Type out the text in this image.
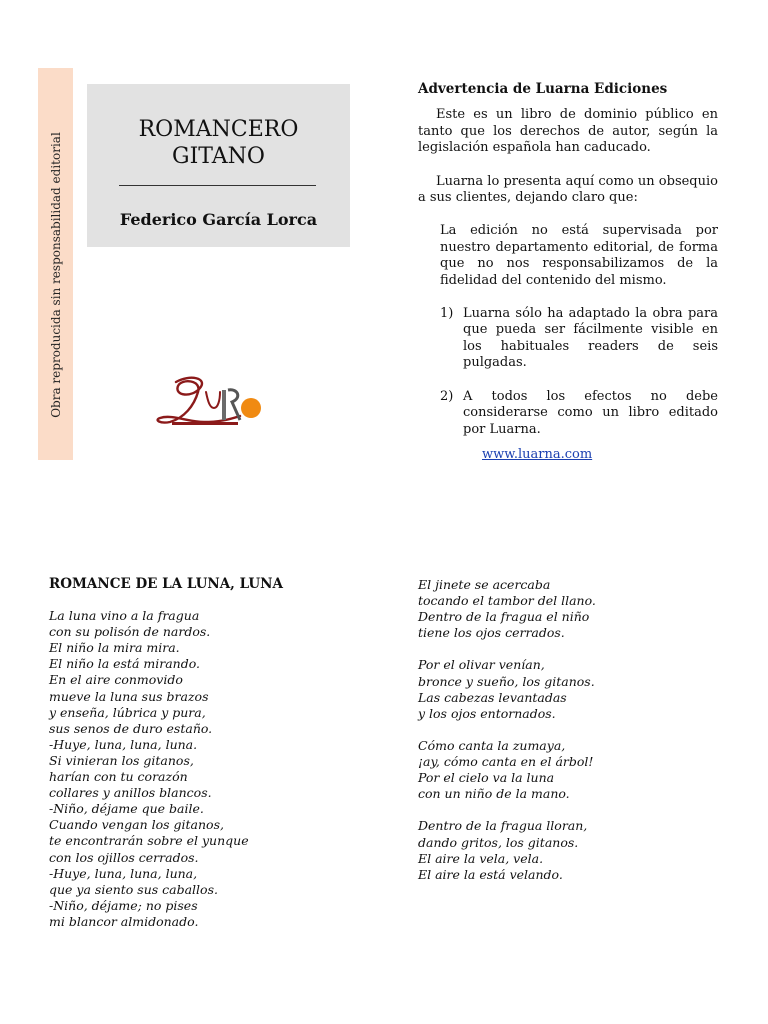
Obra reproducida sin responsabilidad editorial
ROMANCERO
GITANO
Federico García Lorca
Advertencia de Luarna Ediciones

Este es un libro de dominio público en tanto que los derechos de autor, según la legislación española han caducado.

Luarna lo presenta aquí como un obsequio a sus clientes, dejando claro que:

La edición no está supervisada por nuestro departamento editorial, de forma que no nos responsabilizamos de la fidelidad del contenido del mismo.

1) Luarna sólo ha adaptado la obra para que pueda ser fácilmente visible en los habituales readers de seis pulgadas.
2) A todos los efectos no debe considerarse como un libro editado por Luarna.
www.luarna.com
ROMANCE DE LA LUNA, LUNA
La luna vino a la fragua
con su polisón de nardos.
El niño la mira mira.
El niño la está mirando.
En el aire conmovido
mueve la luna sus brazos
y enseña, lúbrica y pura,
sus senos de duro estaño.
-Huye, luna, luna, luna.
Si vinieran los gitanos,
harían con tu corazón
collares y anillos blancos.
-Niño, déjame que baile.
Cuando vengan los gitanos,
te encontrarán sobre el yunque
con los ojillos cerrados.
-Huye, luna, luna, luna,
que ya siento sus caballos.
-Niño, déjame; no pises
mi blancor almidonado.
El jinete se acercaba
tocando el tambor del llano.
Dentro de la fragua el niño
tiene los ojos cerrados.
Por el olivar venían,
bronce y sueño, los gitanos.
Las cabezas levantadas
y los ojos entornados.
Cómo canta la zumaya,
¡ay, cómo canta en el árbol!
Por el cielo va la luna
con un niño de la mano.
Dentro de la fragua lloran,
dando gritos, los gitanos.
El aire la vela, vela.
El aire la está velando.
